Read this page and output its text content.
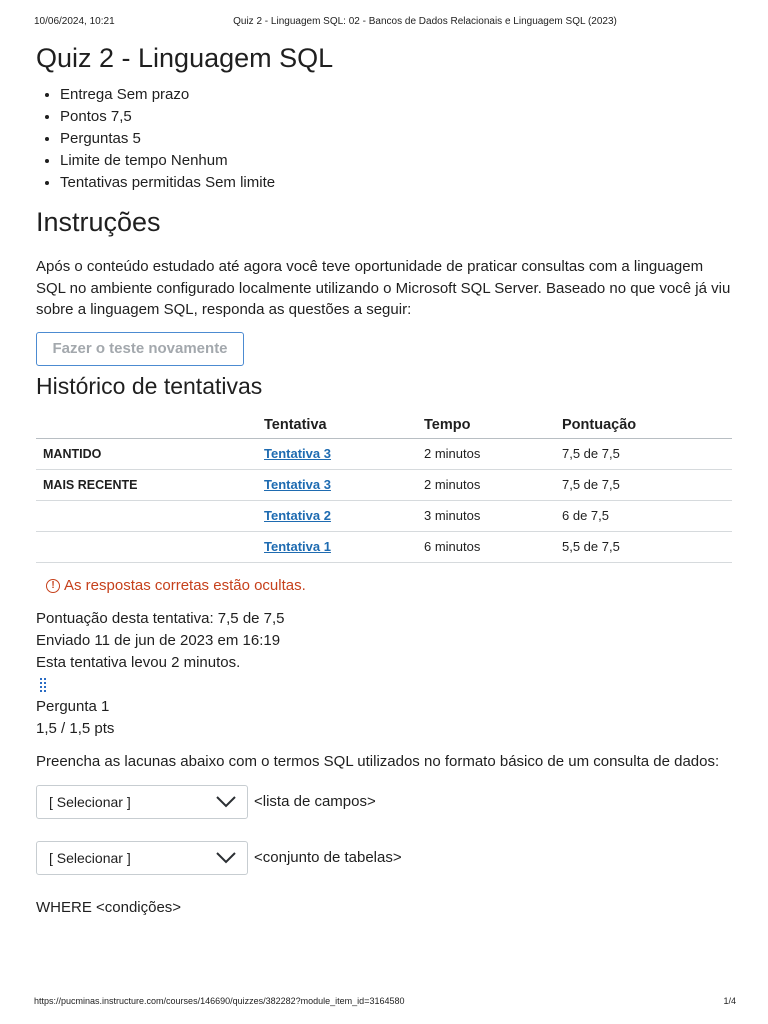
10/06/2024, 10:21	Quiz 2 - Linguagem SQL: 02 - Bancos de Dados Relacionais e Linguagem SQL (2023)
Quiz 2 - Linguagem SQL
• Entrega Sem prazo
• Pontos 7,5
• Perguntas 5
• Limite de tempo Nenhum
• Tentativas permitidas Sem limite
Instruções

Após o conteúdo estudado até agora você teve oportunidade de praticar consultas com a linguagem SQL no ambiente configurado localmente utilizando o Microsoft SQL Server. Baseado no que você já viu sobre a linguagem SQL, responda as questões a seguir:

Fazer o teste novamente
Histórico de tentativas
	Tentativa	Tempo	Pontuação
MANTIDO	Tentativa 3	2 minutos	7,5 de 7,5
MAIS RECENTE	Tentativa 3	2 minutos	7,5 de 7,5
	Tentativa 2	3 minutos	6 de 7,5
	Tentativa 1	6 minutos	5,5 de 7,5
! As respostas corretas estão ocultas.
Pontuação desta tentativa: 7,5 de 7,5
Enviado 11 de jun de 2023 em 16:19
Esta tentativa levou 2 minutos.
Pergunta 1
1,5 / 1,5 pts

Preencha as lacunas abaixo com o termos SQL utilizados no formato básico de um consulta de dados:

[ Selecionar ]	<lista de campos>
[ Selecionar ]	<conjunto de tabelas>
WHERE <condições>
https://pucminas.instructure.com/courses/146690/quizzes/382282?module_item_id=3164580	1/4
